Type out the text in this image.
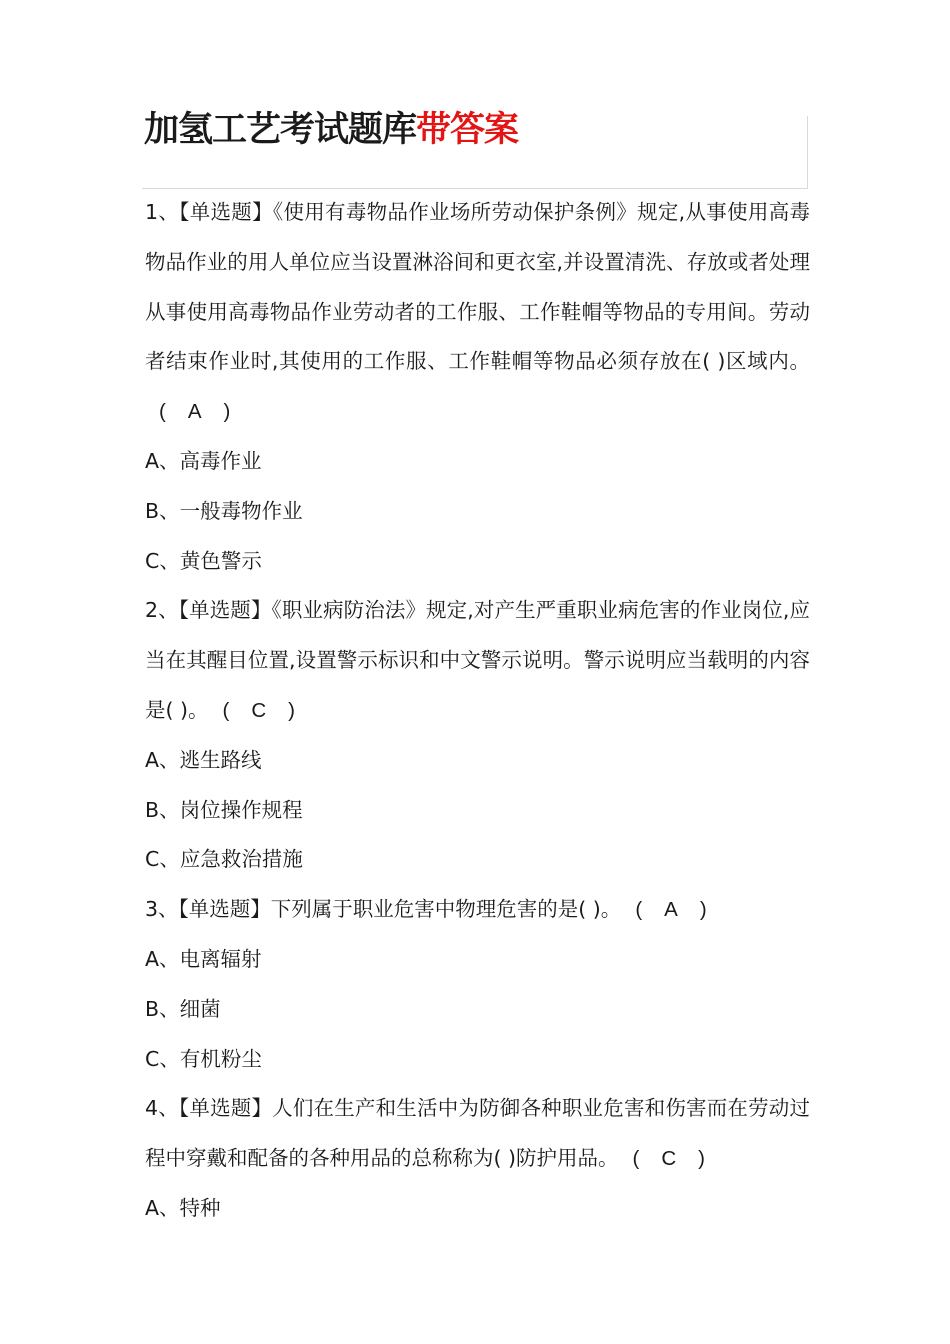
加氢工艺考试题库带答案

1、【单选题】《使用有毒物品作业场所劳动保护条例》规定,从事使用高毒物品作业的用人单位应当设置淋浴间和更衣室,并设置清洗、存放或者处理从事使用高毒物品作业劳动者的工作服、工作鞋帽等物品的专用间。劳动者结束作业时,其使用的工作服、工作鞋帽等物品必须存放在( )区域内。( A )

A、高毒作业

B、一般毒物作业

C、黄色警示

2、【单选题】《职业病防治法》规定,对产生严重职业病危害的作业岗位,应当在其醒目位置,设置警示标识和中文警示说明。警示说明应当载明的内容是( )。 ( C )

A、逃生路线

B、岗位操作规程

C、应急救治措施

3、【单选题】下列属于职业危害中物理危害的是( )。 ( A )

A、电离辐射

B、细菌

C、有机粉尘

4、【单选题】人们在生产和生活中为防御各种职业危害和伤害而在劳动过程中穿戴和配备的各种用品的总称称为( )防护用品。 ( C )

A、特种
